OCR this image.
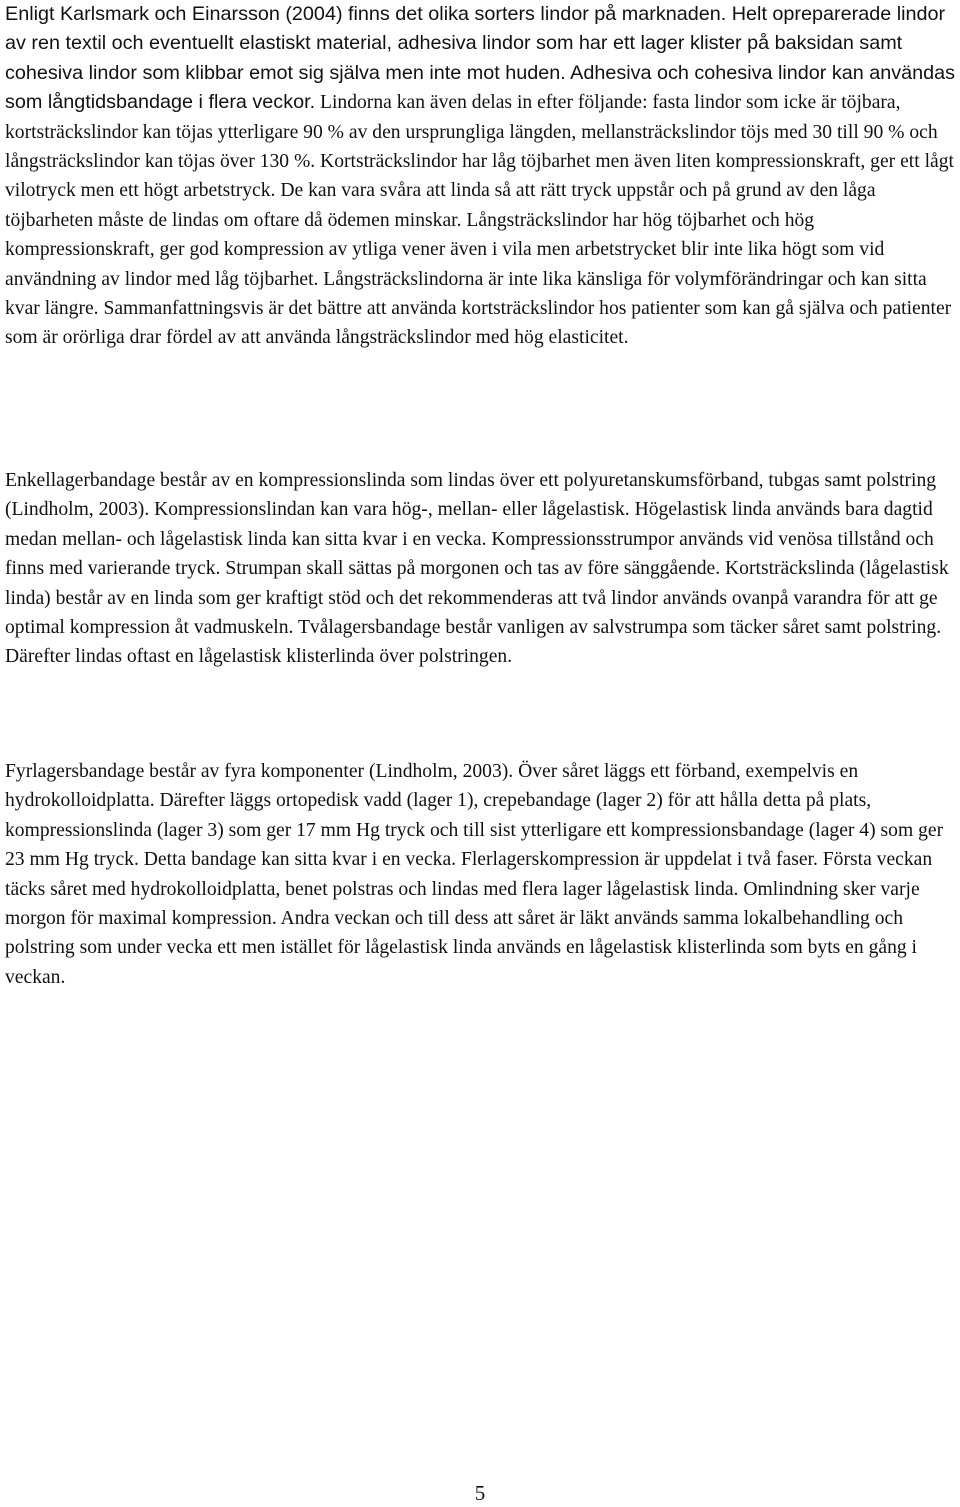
Enligt Karlsmark och Einarsson (2004) finns det olika sorters lindor på marknaden. Helt opreparerade lindor av ren textil och eventuellt elastiskt material, adhesiva lindor som har ett lager klister på baksidan samt cohesiva lindor som klibbar emot sig själva men inte mot huden. Adhesiva och cohesiva lindor kan användas som långtidsbandage i flera veckor. Lindorna kan även delas in efter följande: fasta lindor som icke är töjbara, kortsträckslindor kan töjas ytterligare 90 % av den ursprungliga längden, mellansträckslindor töjs med 30 till 90 % och långsträckslindor kan töjas över 130 %. Kortsträckslindor har låg töjbarhet men även liten kompressionskraft, ger ett lågt vilotryck men ett högt arbetstryck. De kan vara svåra att linda så att rätt tryck uppstår och på grund av den låga töjbarheten måste de lindas om oftare då ödemen minskar. Långsträckslindor har hög töjbarhet och hög kompressionskraft, ger god kompression av ytliga vener även i vila men arbetstrycket blir inte lika högt som vid användning av lindor med låg töjbarhet. Långsträckslindorna är inte lika känsliga för volymförändringar och kan sitta kvar längre. Sammanfattningsvis är det bättre att använda kortsträckslindor hos patienter som kan gå själva och patienter som är orörliga drar fördel av att använda långsträckslindor med hög elasticitet.

Enkellagerbandage består av en kompressionslinda som lindas över ett polyuretanskumsförband, tubgas samt polstring (Lindholm, 2003). Kompressionslindan kan vara hög-, mellan- eller lågelastisk. Högelastisk linda används bara dagtid medan mellan- och lågelastisk linda kan sitta kvar i en vecka. Kompressionsstrumpor används vid venösa tillstånd och finns med varierande tryck. Strumpan skall sättas på morgonen och tas av före sänggående. Kortsträckslinda (lågelastisk linda) består av en linda som ger kraftigt stöd och det rekommenderas att två lindor används ovanpå varandra för att ge optimal kompression åt vadmuskeln. Tvålagersbandage består vanligen av salvstrumpa som täcker såret samt polstring. Därefter lindas oftast en lågelastisk klisterlinda över polstringen.

Fyrlagersbandage består av fyra komponenter (Lindholm, 2003). Över såret läggs ett förband, exempelvis en hydrokolloidplatta. Därefter läggs ortopedisk vadd (lager 1), crepebandage (lager 2) för att hålla detta på plats, kompressionslinda (lager 3) som ger 17 mm Hg tryck och till sist ytterligare ett kompressionsbandage (lager 4) som ger 23 mm Hg tryck. Detta bandage kan sitta kvar i en vecka. Flerlagerskompression är uppdelat i två faser. Första veckan täcks såret med hydrokolloidplatta, benet polstras och lindas med flera lager lågelastisk linda. Omlindning sker varje morgon för maximal kompression. Andra veckan och till dess att såret är läkt används samma lokalbehandling och polstring som under vecka ett men istället för lågelastisk linda används en lågelastisk klisterlinda som byts en gång i veckan.

5
